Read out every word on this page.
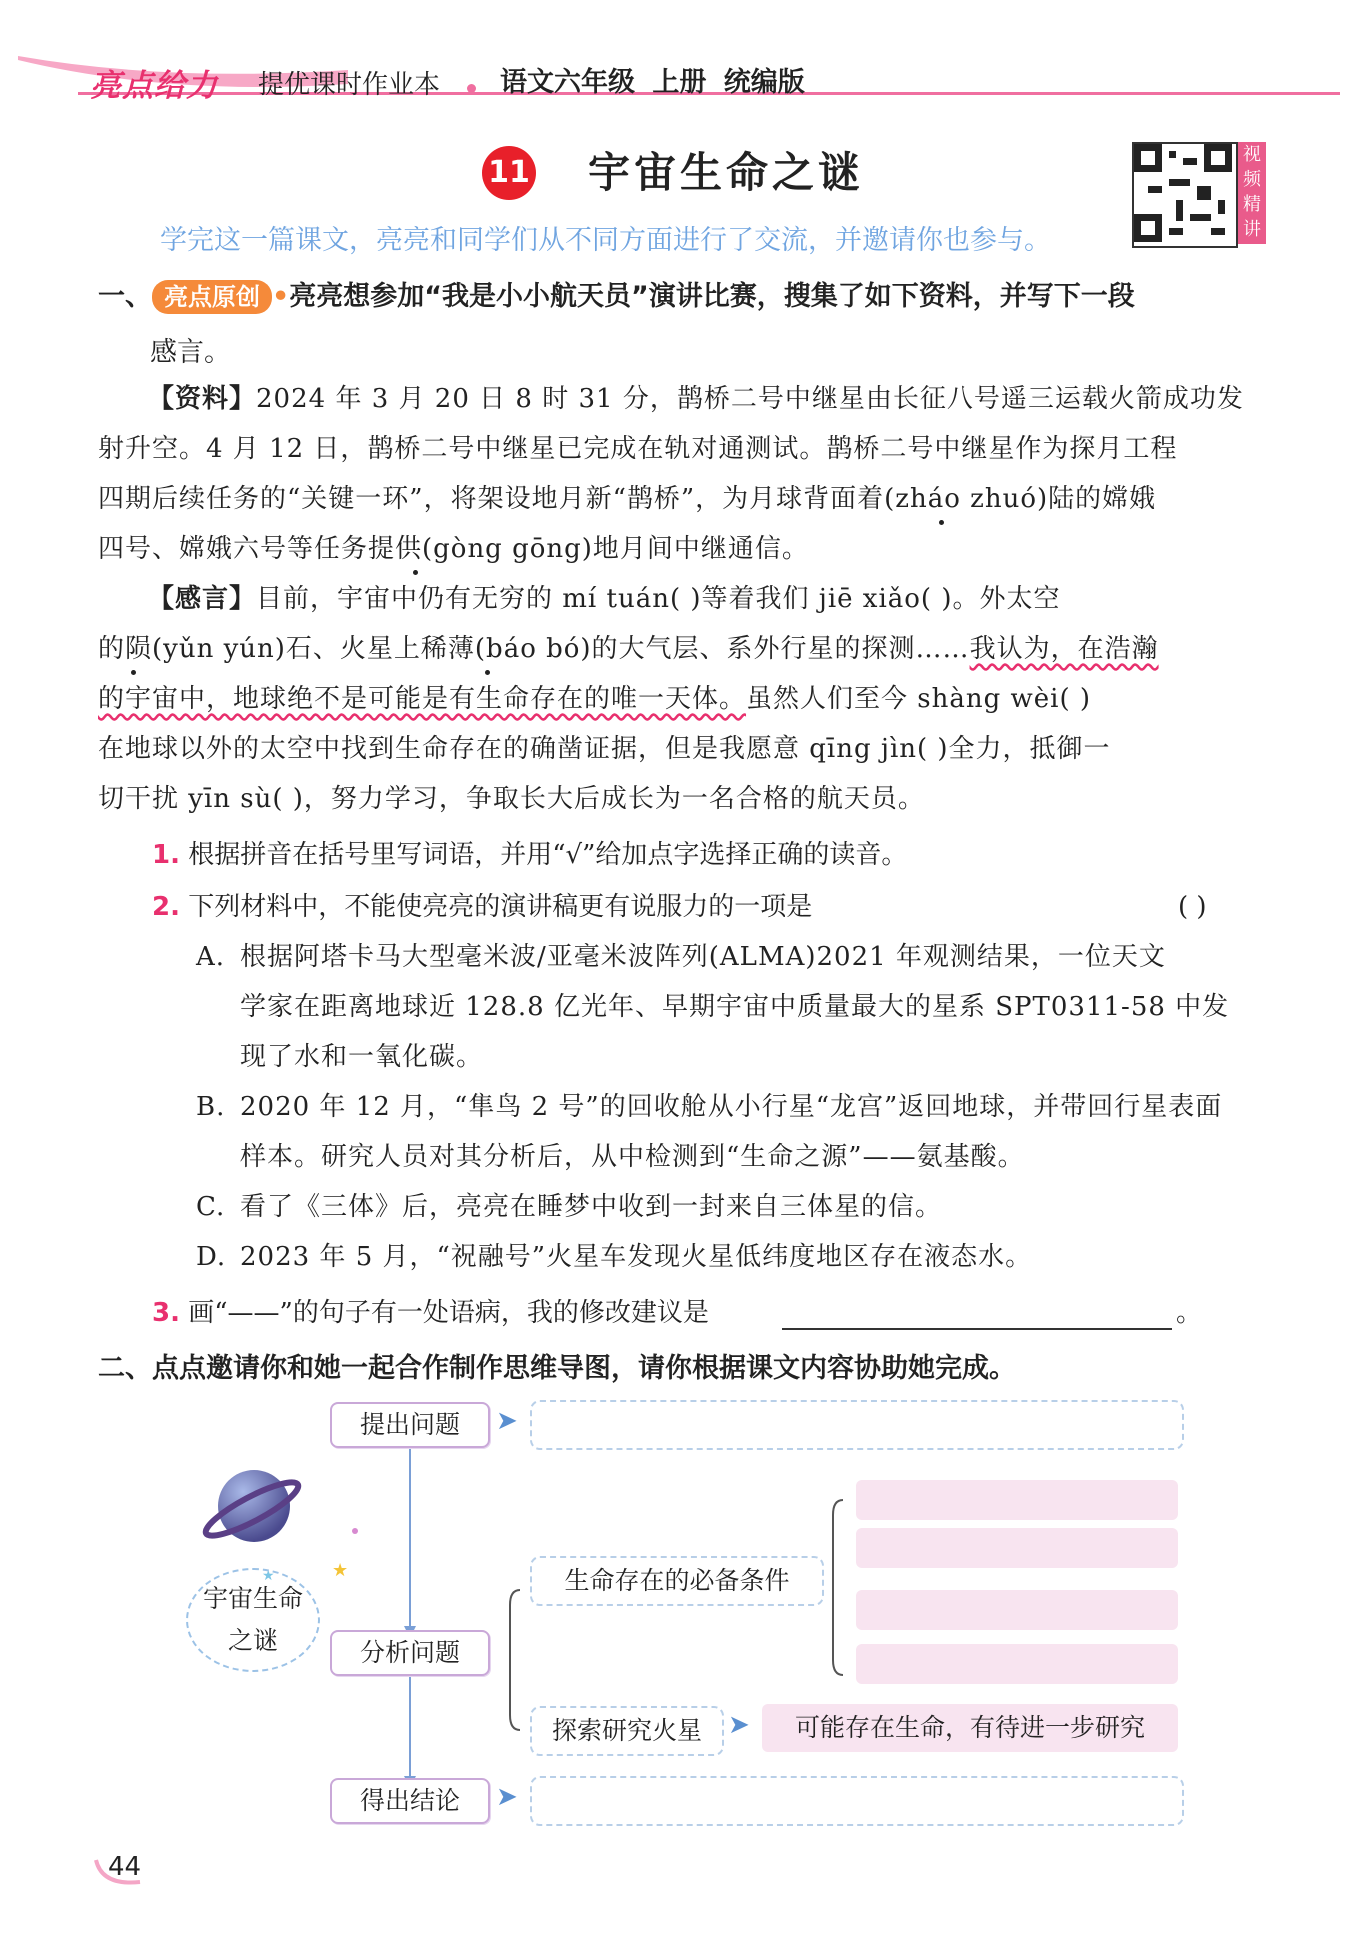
亮点给力 提优课时作业本 语文六年级 上册 统编版
11 宇宙生命之谜	视频精讲
学完这一篇课文，亮亮和同学们从不同方面进行了交流，并邀请你也参与。
一、 亮点原创 •亮亮想参加“我是小小航天员”演讲比赛，搜集了如下资料，并写下一段
感言。
【资料】2024 年 3 月 20 日 8 时 31 分，鹊桥二号中继星由长征八号遥三运载火箭成功发
射升空。4 月 12 日，鹊桥二号中继星已完成在轨对通测试。鹊桥二号中继星作为探月工程
四期后续任务的“关键一环”，将架设地月新“鹊桥”，为月球背面着(zháo zhuó)陆的嫦娥
四号、嫦娥六号等任务提供(gòng gōng)地月间中继通信。
【感言】目前，宇宙中仍有无穷的 mí tuán( )等着我们 jiē xiǎo( )。外太空
的陨(yǔn yún)石、火星上稀薄(báo bó)的大气层、系外行星的探测……我认为，在浩瀚
的宇宙中，地球绝不是可能是有生命存在的唯一天体。虽然人们至今 shàng wèi( )
在地球以外的太空中找到生命存在的确凿证据，但是我愿意 qīng jìn( )全力，抵御一
切干扰 yīn sù( )，努力学习，争取长大后成长为一名合格的航天员。
1. 根据拼音在括号里写词语，并用“√”给加点字选择正确的读音。
2. 下列材料中，不能使亮亮的演讲稿更有说服力的一项是	( )
A. 根据阿塔卡马大型毫米波/亚毫米波阵列(ALMA)2021 年观测结果，一位天文
学家在距离地球近 128.8 亿光年、早期宇宙中质量最大的星系 SPT0311-58 中发
现了水和一氧化碳。
B. 2020 年 12 月，“隼鸟 2 号”的回收舱从小行星“龙宫”返回地球，并带回行星表面
样本。研究人员对其分析后，从中检测到“生命之源”——氨基酸。
C. 看了《三体》后，亮亮在睡梦中收到一封来自三体星的信。
D. 2023 年 5 月，“祝融号”火星车发现火星低纬度地区存在液态水。
3. 画“——”的句子有一处语病，我的修改建议是	。
二、点点邀请你和她一起合作制作思维导图，请你根据课文内容协助她完成。
提出问题	➤
★
★
宇宙生命
之谜	分析问题
生命存在的必备条件
探索研究火星	➤	可能存在生命，有待进一步研究
得出结论	➤
44
